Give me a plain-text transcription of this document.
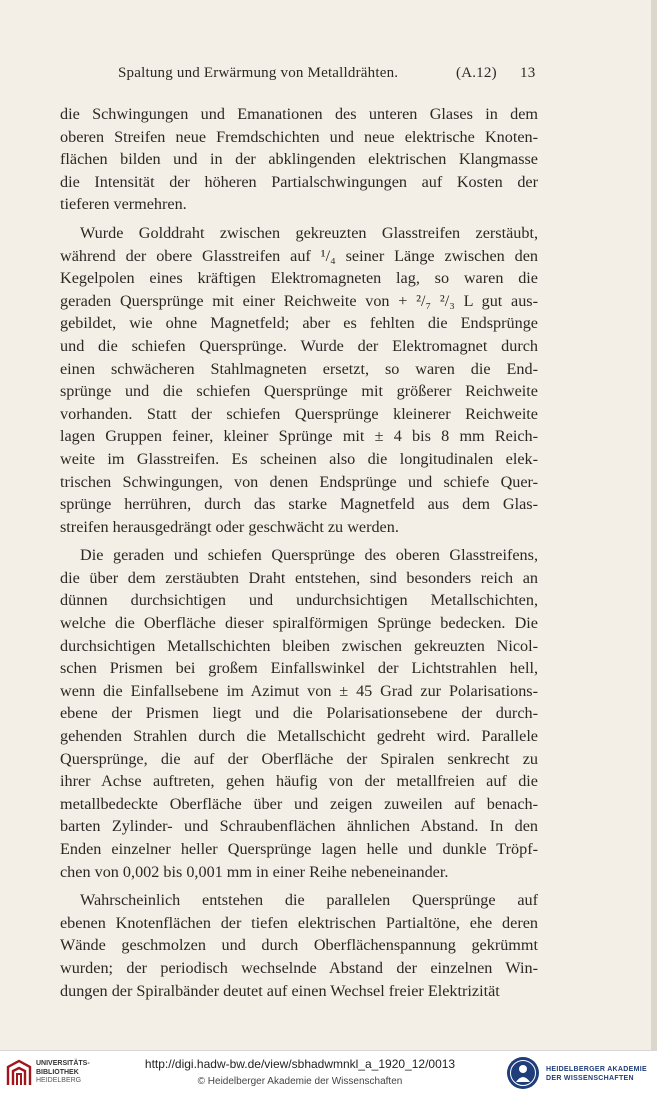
Spaltung und Erwärmung von Metalldrähten.	(A.12) 13
die Schwingungen und Emanationen des unteren Glases in dem
oberen Streifen neue Fremdschichten und neue elektrische Knoten-
flächen bilden und in der abklingenden elektrischen Klangmasse
die Intensität der höheren Partialschwingungen auf Kosten der
tieferen vermehren.
Wurde Golddraht zwischen gekreuzten Glasstreifen zerstäubt,
während der obere Glasstreifen auf ¹/₄ seiner Länge zwischen den
Kegelpolen eines kräftigen Elektromagneten lag, so waren die
geraden Quersprünge mit einer Reichweite von + ²/₇ ²/₃ L gut aus-
gebildet, wie ohne Magnetfeld; aber es fehlten die Endsprünge
und die schiefen Quersprünge. Wurde der Elektromagnet durch
einen schwächeren Stahlmagneten ersetzt, so waren die End-
sprünge und die schiefen Quersprünge mit größerer Reichweite
vorhanden. Statt der schiefen Quersprünge kleinerer Reichweite
lagen Gruppen feiner, kleiner Sprünge mit ± 4 bis 8 mm Reich-
weite im Glasstreifen. Es scheinen also die longitudinalen elek-
trischen Schwingungen, von denen Endsprünge und schiefe Quer-
sprünge herrühren, durch das starke Magnetfeld aus dem Glas-
streifen herausgedrängt oder geschwächt zu werden.
Die geraden und schiefen Quersprünge des oberen Glasstreifens,
die über dem zerstäubten Draht entstehen, sind besonders reich an
dünnen durchsichtigen und undurchsichtigen Metallschichten,
welche die Oberfläche dieser spiralförmigen Sprünge bedecken. Die
durchsichtigen Metallschichten bleiben zwischen gekreuzten Nicol-
schen Prismen bei großem Einfallswinkel der Lichtstrahlen hell,
wenn die Einfallsebene im Azimut von ± 45 Grad zur Polarisations-
ebene der Prismen liegt und die Polarisationsebene der durch-
gehenden Strahlen durch die Metallschicht gedreht wird. Parallele
Quersprünge, die auf der Oberfläche der Spiralen senkrecht zu
ihrer Achse auftreten, gehen häufig von der metallfreien auf die
metallbedeckte Oberfläche über und zeigen zuweilen auf benach-
barten Zylinder- und Schraubenflächen ähnlichen Abstand. In den
Enden einzelner heller Quersprünge lagen helle und dunkle Tröpf-
chen von 0,002 bis 0,001 mm in einer Reihe nebeneinander.
Wahrscheinlich entstehen die parallelen Quersprünge auf
ebenen Knotenflächen der tiefen elektrischen Partialtöne, ehe deren
Wände geschmolzen und durch Oberflächenspannung gekrümmt
wurden; der periodisch wechselnde Abstand der einzelnen Win-
dungen der Spiralbänder deutet auf einen Wechsel freier Elektrizität
UNIVERSITÄTS-
BIBLIOTHEK
HEIDELBERG
http://digi.hadw-bw.de/view/sbhadwmnkl_a_1920_12/0013
© Heidelberger Akademie der Wissenschaften
HEIDELBERGER AKADEMIE
DER WISSENSCHAFTEN
